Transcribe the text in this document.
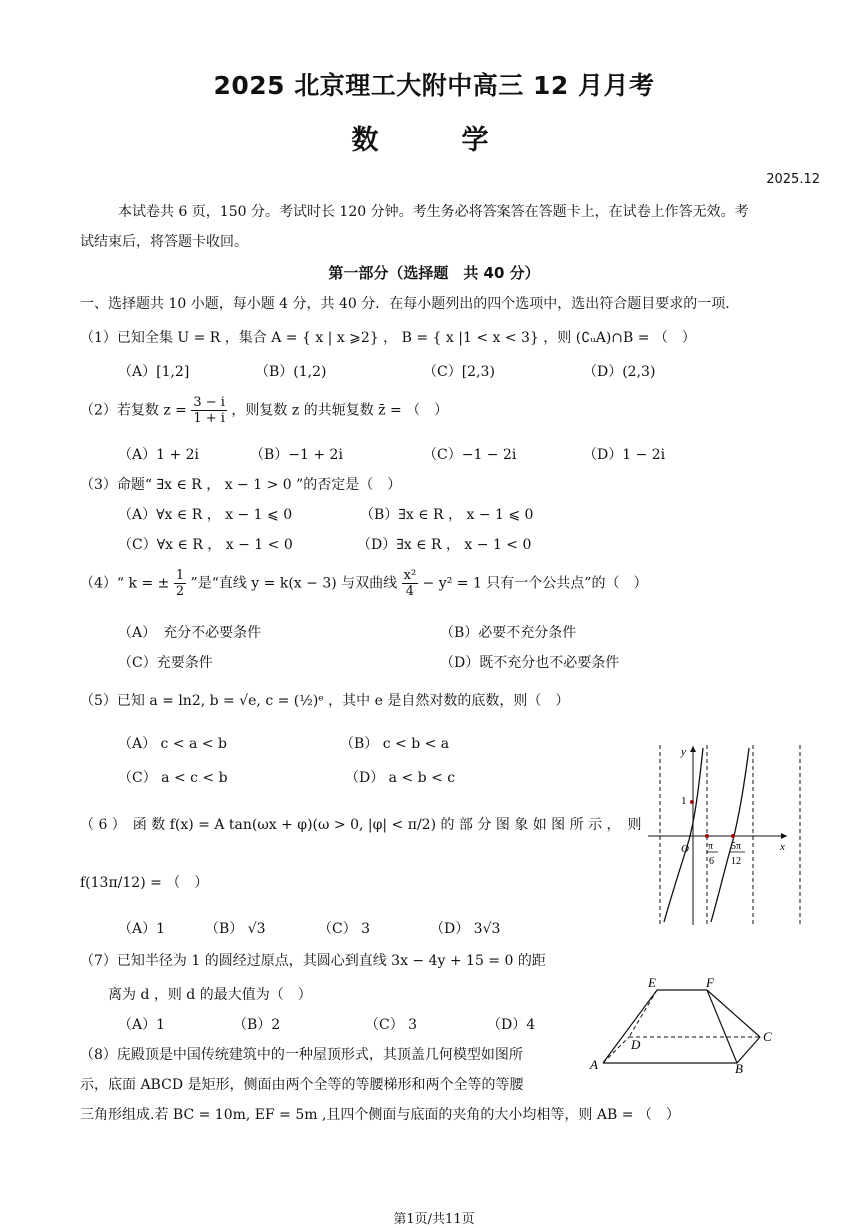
2025 北京理工大附中高三 12 月月考
数　学
2025.12
本试卷共 6 页，150 分。考试时长 120 分钟。考生务必将答案答在答题卡上，在试卷上作答无效。考
试结束后，将答题卡收回。
第一部分（选择题　共 40 分）
一、选择题共 10 小题，每小题 4 分，共 40 分．在每小题列出的四个选项中，选出符合题目要求的一项.
（1）已知全集 U = R ，集合 A = { x | x ⩾2} ， B = { x |1 < x < 3} ，则 (∁ᵤA)∩B = （　）
（A）[1,2]	（B）(1,2)	（C）[2,3)	（D）(2,3)
（2）若复数 $z = \frac{3 - i}{1 + i}$ ，则复数 z 的共轭复数 z̄ = （　）
（A）1 + 2i	（B）−1 + 2i	（C）−1 − 2i	（D）1 − 2i
（3）命题“ ∃x ∈ R ， x − 1 > 0 ”的否定是（　）
（A）∀x ∈ R ， x − 1 ⩽ 0	（B）∃x ∈ R ， x − 1 ⩽ 0
（C）∀x ∈ R ， x − 1 < 0	（D）∃x ∈ R ， x − 1 < 0
（4）“ k = ± $\frac{1}{2}$ ”是“直线 y = k(x − 3) 与双曲线 $\frac{\text{x²}}{4} - y^2 = 1$ 只有一个公共点”的（　）
（A）　充分不必要条件	（B）必要不充分条件
（C）充要条件	（D）既不充分也不必要条件
（5）已知 a = ln2, b = √e, c = (½)ᵉ ，其中 e 是自然对数的底数，则（　）
（A） c < a < b	（B） c < b < a
（C） a < c < b	（D） a < b < c
（ 6 ）　函 数 f(x) = A tan(ωx + φ)(ω > 0, |φ| < π/2) 的 部 分 图 象 如 图 所 示 ，　则
f(13π/12) = （　）
（A）1	（B） √3	（C） 3	（D） 3√3
y
x
O
1
π
6
5π
12
（7）已知半径为 1 的圆经过原点，其圆心到直线 3x − 4y + 15 = 0 的距
离为 d ，则 d 的最大值为（　）
（A）1	（B）2	（C） 3	（D）4
（8）庑殿顶是中国传统建筑中的一种屋顶形式，其顶盖几何模型如图所
示，底面 ABCD 是矩形，侧面由两个全等的等腰梯形和两个全等的等腰
三角形组成.若 BC = 10m, EF = 5m ,且四个侧面与底面的夹角的大小均相等，则 AB = （　）
E	F
A	B
C
D
第1页/共11页
